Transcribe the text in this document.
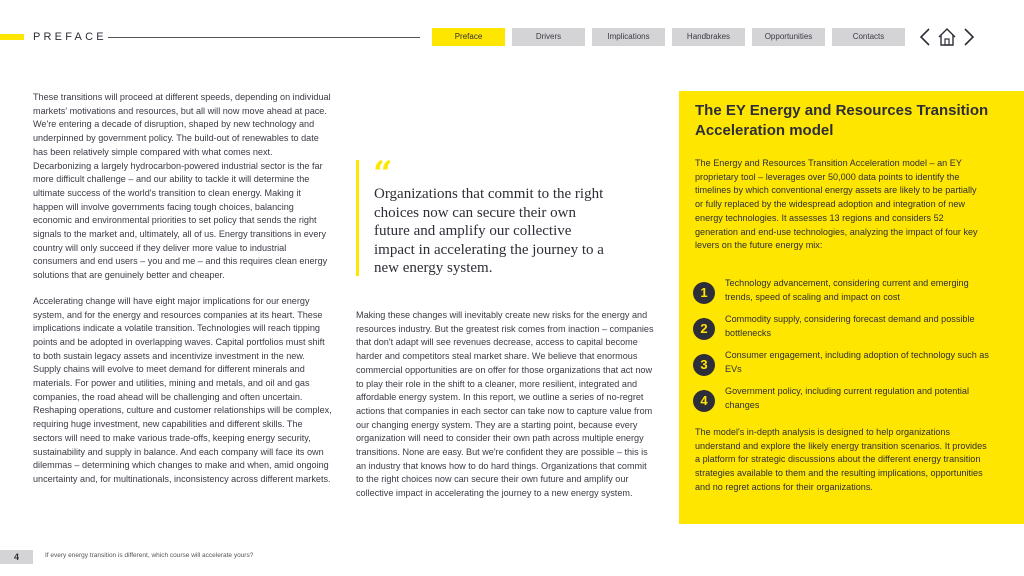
PREFACE	Preface	Drivers	Implications	Handbrakes	Opportunities	Contacts

These transitions will proceed at different speeds, depending on individual markets' motivations and resources, but all will now move ahead at pace. We're entering a decade of disruption, shaped by new technology and underpinned by government policy. The build-out of renewables to date has been relatively simple compared with what comes next. Decarbonizing a largely hydrocarbon-powered industrial sector is the far more difficult challenge – and our ability to tackle it will determine the ultimate success of the world's transition to clean energy. Making it happen will involve governments facing tough choices, balancing economic and environmental priorities to set policy that sends the right signals to the market and, ultimately, all of us. Energy transitions in every country will only succeed if they deliver more value to industrial consumers and end users – you and me – and this requires clean energy solutions that are genuinely better and cheaper.

Accelerating change will have eight major implications for our energy system, and for the energy and resources companies at its heart. These implications indicate a volatile transition. Technologies will reach tipping points and be adopted in overlapping waves. Capital portfolios must shift to both sustain legacy assets and incentivize investment in the new. Supply chains will evolve to meet demand for different minerals and materials. For power and utilities, mining and metals, and oil and gas companies, the road ahead will be challenging and often uncertain. Reshaping operations, culture and customer relationships will be complex, requiring huge investment, new capabilities and different skills. The sectors will need to make various trade-offs, keeping energy security, sustainability and supply in balance. And each company will face its own dilemmas – determining which changes to make and when, amid ongoing uncertainty and, for multinationals, inconsistency across different markets.

“
Organizations that commit to the right choices now can secure their own future and amplify our collective impact in accelerating the journey to a new energy system.

Making these changes will inevitably create new risks for the energy and resources industry. But the greatest risk comes from inaction – companies that don't adapt will see revenues decrease, access to capital become harder and competitors steal market share. We believe that enormous commercial opportunities are on offer for those organizations that act now to play their role in the shift to a cleaner, more resilient, integrated and affordable energy system. In this report, we outline a series of no-regret actions that companies in each sector can take now to capture value from our changing energy system. They are a starting point, because every organization will need to consider their own path across multiple energy transitions. None are easy. But we're confident they are possible – this is an industry that knows how to do hard things. Organizations that commit to the right choices now can secure their own future and amplify our collective impact in accelerating the journey to a new energy system.

The EY Energy and Resources Transition Acceleration model
The Energy and Resources Transition Acceleration model – an EY proprietary tool – leverages over 50,000 data points to identify the timelines by which conventional energy assets are likely to be partially or fully replaced by the widespread adoption and integration of new energy technologies. It assesses 13 regions and considers 52 generation and end-use technologies, analyzing the impact of four key levers on the future energy mix:
1
Technology advancement, considering current and emerging trends, speed of scaling and impact on cost
2
Commodity supply, considering forecast demand and possible bottlenecks
3
Consumer engagement, including adoption of technology such as EVs
4
Government policy, including current regulation and potential changes
The model's in-depth analysis is designed to help organizations understand and explore the likely energy transition scenarios. It provides a platform for strategic discussions about the different energy transition strategies available to them and the resulting implications, opportunities and no regret actions for their organizations.
4	If every energy transition is different, which course will accelerate yours?
